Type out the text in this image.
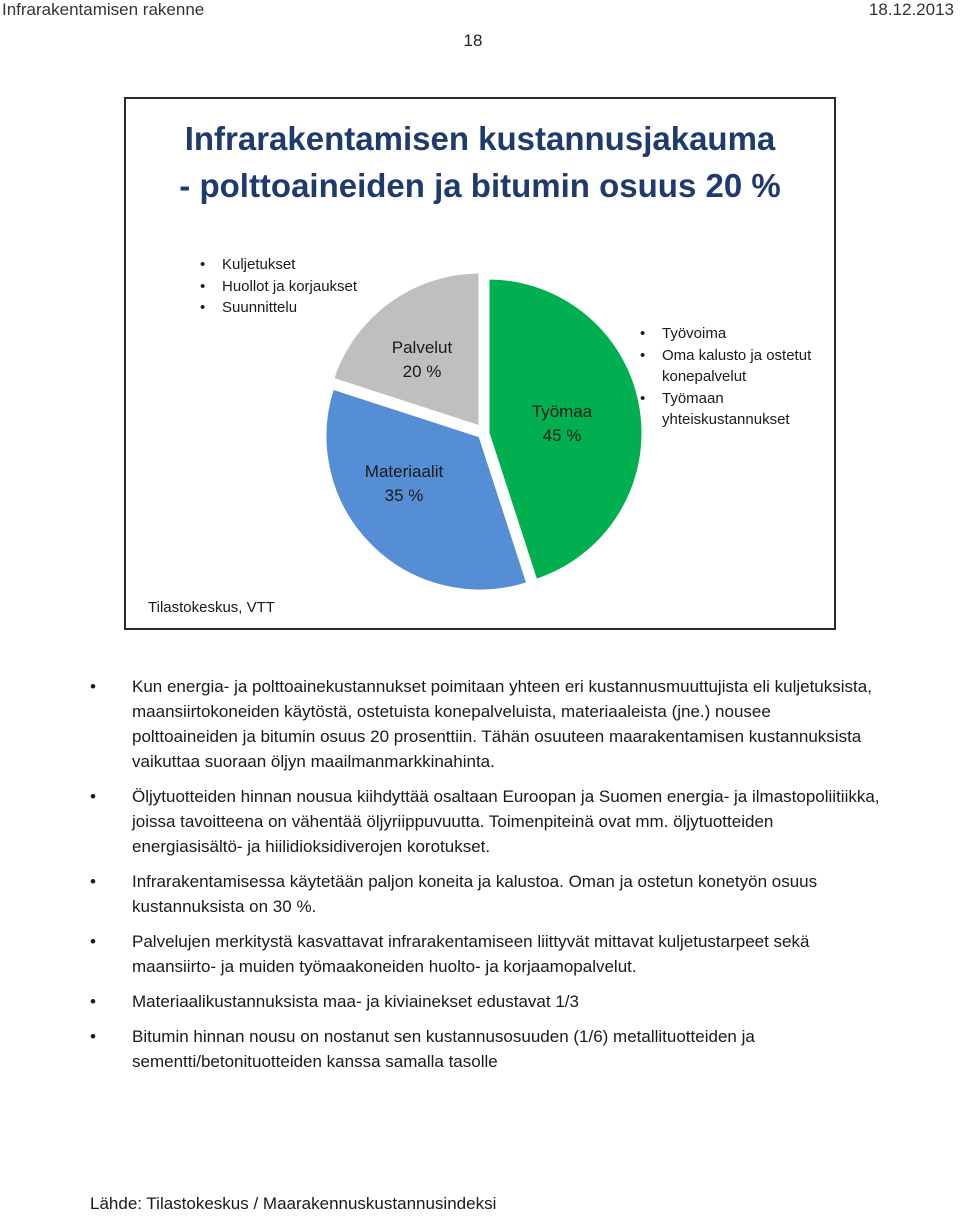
Infrarakentamisen rakenne	18.12.2013
18
Infrarakentamisen kustannusjakauma
- polttoaineiden ja bitumin osuus 20 %
Työmaa
45 %
Materiaalit
35 %
Palvelut
20 %
• Kuljetukset
• Huollot ja korjaukset
• Suunnittelu
• Työvoima
• Oma kalusto ja ostetut konepalvelut
• Työmaan yhteiskustannukset
Tilastokeskus, VTT
• Kun energia- ja polttoainekustannukset poimitaan yhteen eri kustannusmuuttujista eli kuljetuksista, maansiirtokoneiden käytöstä, ostetuista konepalveluista, materiaaleista (jne.) nousee polttoaineiden ja bitumin osuus 20 prosenttiin. Tähän osuuteen maarakentamisen kustannuksista vaikuttaa suoraan öljyn maailmanmarkkinahinta.
• Öljytuotteiden hinnan nousua kiihdyttää osaltaan Euroopan ja Suomen energia- ja ilmastopoliitiikka, joissa tavoitteena on vähentää öljyriippuvuutta. Toimenpiteinä ovat mm. öljytuotteiden energiasisältö- ja hiilidioksidiverojen korotukset.
• Infrarakentamisessa käytetään paljon koneita ja kalustoa. Oman ja ostetun konetyön osuus kustannuksista on 30 %.
• Palvelujen merkitystä kasvattavat infrarakentamiseen liittyvät mittavat kuljetustarpeet sekä maansiirto- ja muiden työmaakoneiden huolto- ja korjaamopalvelut.
• Materiaalikustannuksista maa- ja kiviainekset edustavat 1/3
• Bitumin hinnan nousu on nostanut sen kustannusosuuden (1/6) metallituotteiden ja sementti/betonituotteiden kanssa samalla tasolle
Lähde: Tilastokeskus / Maarakennuskustannusindeksi
